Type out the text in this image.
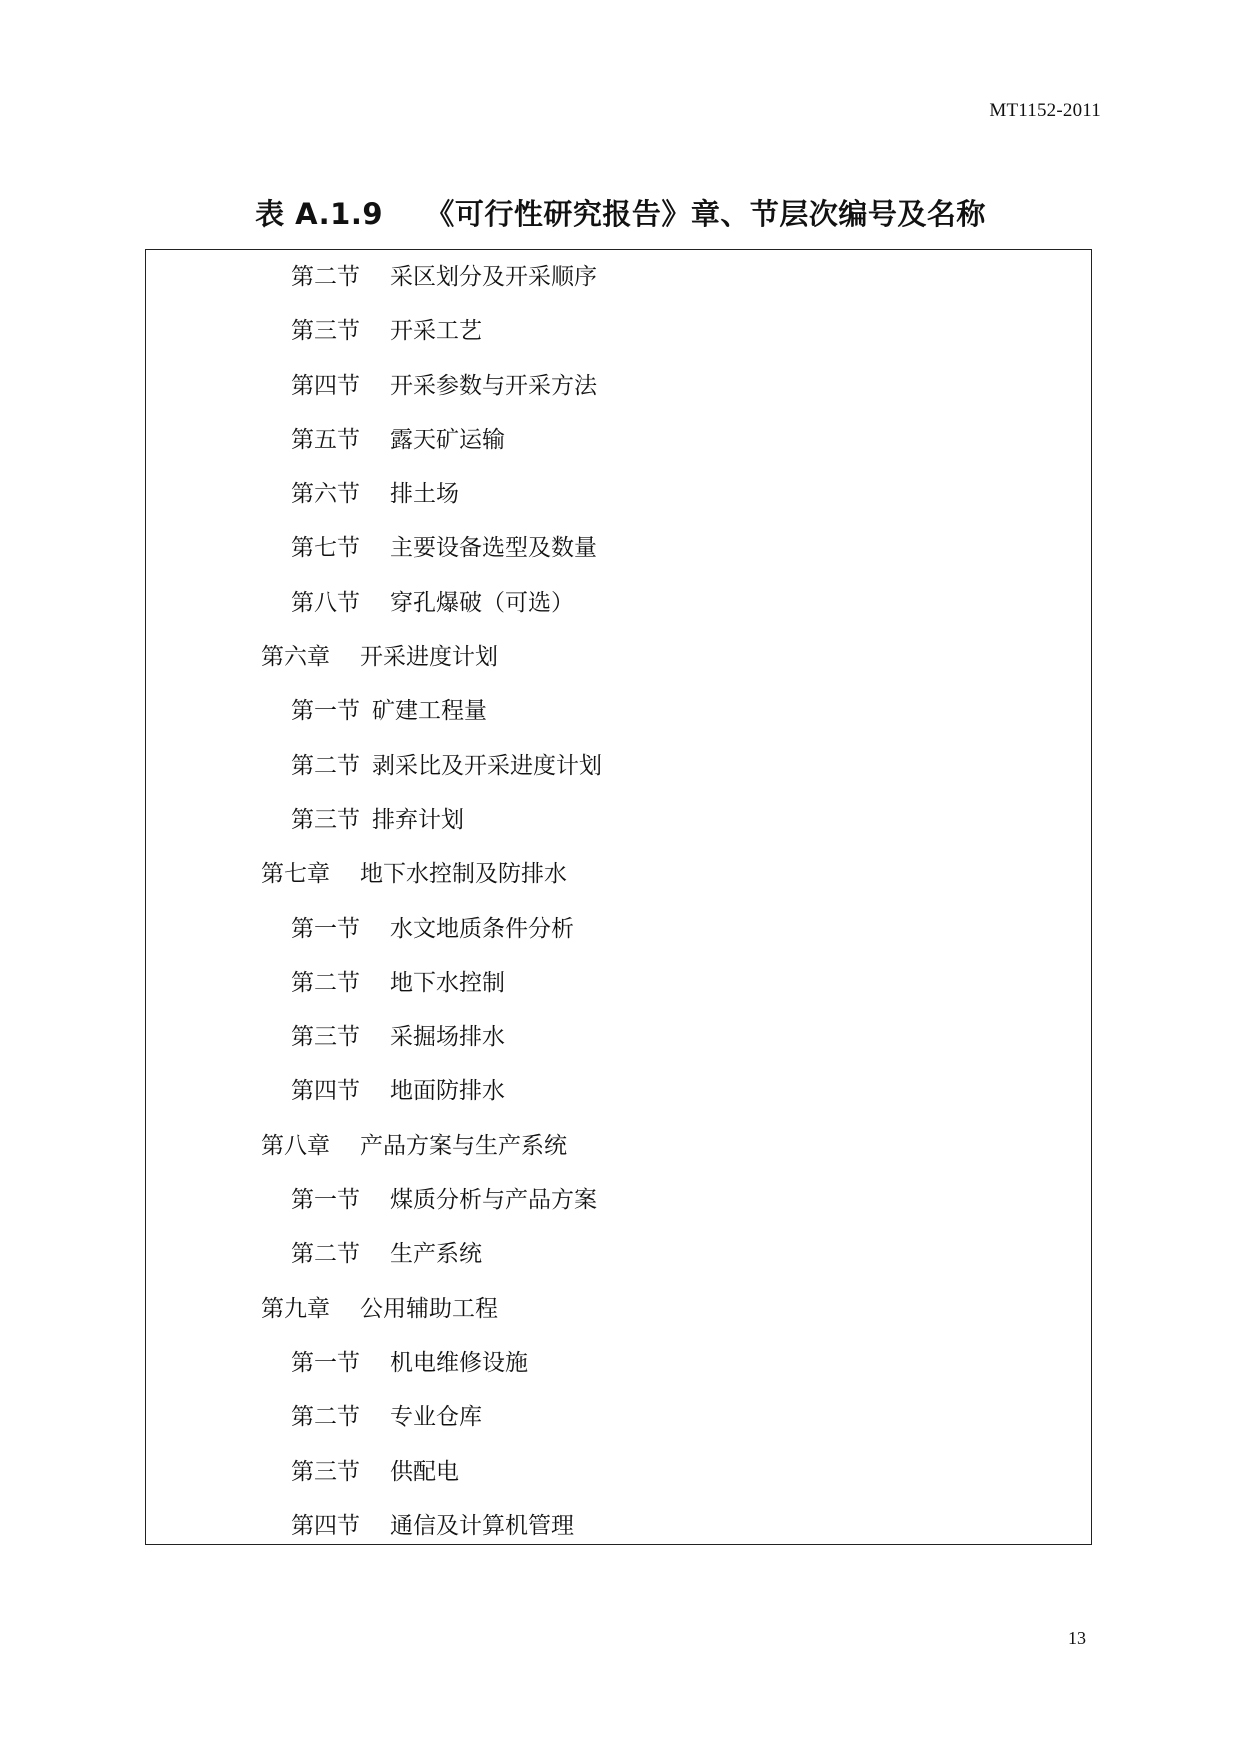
MT1152-2011
表 A.1.9    《可行性研究报告》章、节层次编号及名称
第二节 采区划分及开采顺序
第三节 开采工艺
第四节 开采参数与开采方法
第五节 露天矿运输
第六节 排土场
第七节 主要设备选型及数量
第八节 穿孔爆破（可选）
第六章 开采进度计划
第一节 矿建工程量
第二节 剥采比及开采进度计划
第三节 排弃计划
第七章 地下水控制及防排水
第一节 水文地质条件分析
第二节 地下水控制
第三节 采掘场排水
第四节 地面防排水
第八章 产品方案与生产系统
第一节 煤质分析与产品方案
第二节 生产系统
第九章 公用辅助工程
第一节 机电维修设施
第二节 专业仓库
第三节 供配电
第四节 通信及计算机管理
13
